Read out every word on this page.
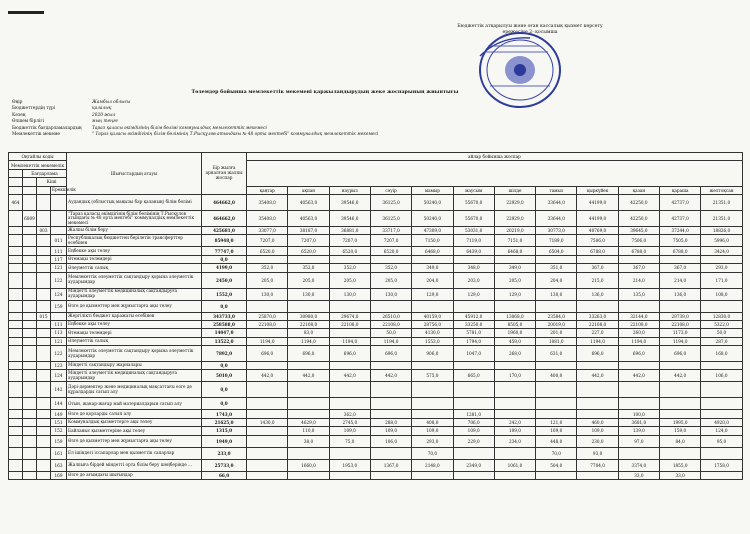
Бюджеттік атқарылуы және оған кассалық қызмет көрсету
ережесіне 2- қосымша
Төлемдер бойынша мемлекеттік мекемені қаржыландырудың жеке жоспарының жиынтығы
Өңір	Жамбыл облысы
Бюджеттердің түрі	қалалық
Кезең	2020 жыл
Өлшем бірлігі	мың теңге
Бюджеттік бағдарламалардың	Тараз қаласы әкімдігінің білім бөлімі коммуналдық мемлекеттік мекемесі
Мемлекеттік мекеме	" Тараз қаласы әкімдігінің білім бөлімінің Т.Рысқұлов атындағы № 48 орта мектебі" коммуналдық мемлекеттік мекемесі
Оңтайлы коды				Шығыстардың атауы	Бір жылға арналған жалпы жоспар	айлар бойынша жоспар											
Мемлекеттік мекемелік																	
	Бағдарлама																
		Кіші															
			Ерекшелік			қаңтар	ақпан	наурыз	сәуір	мамыр	маусым	шілде	тамыз	қыркүйек	қазан	қараша	желтоқсан
464				Аудандық (облыстық маңызы бар қаланың) білім бөлімі	464662,0	35408,0	40563,0	39546,0	36125,0	50240,0	55670,0	22929,0	33644,0	44199,0	42250,0	42737,0	21351,0
	6809			"Тараз қаласы әкімдігінің білім бөлімінің Т.Рысқұлов атындағы № 48 орта мектебі" коммуналдық мемлекеттік мекемесі	464662,0	35408,0	40563,0	39546,0	36125,0	50240,0	55670,0	22929,0	33644,0	44199,0	42250,0	42737,0	21351,0
		003		Жалпы білім беру	425681,0	33077,0	38187,0	36881,0	33717,0	47309,0	53031,0	20219,0	30773,0	40769,0	39645,0	37244,0	18826,0
			011	Республикалық бюджеттен берілетін трансферттер есебінен	85948,0	7207,0	7207,0	7207,0	7207,0	7150,0	7119,0	7151,0	7189,0	7506,0	7506,0	7505,0	5996,0
			111	Еңбекке ақы төлеу	77747,0	6520,0	6520,0	6520,0	6520,0	6468,0	6439,0	6468,0	6504,0	6788,0	6788,0	6788,0	3424,0
			117	Өтемақы төлемдері	0,0												
			121	Әлеуметтік салық	4199,0	352,0	352,0	352,0	352,0	349,0	348,0	349,0	351,0	367,0	367,0	367,0	293,0
			122	Мемлекеттік әлеуметтік сақтандыру қорына әлеуметтік аударымдар	2450,0	205,0	205,0	205,0	205,0	204,0	203,0	205,0	204,0	215,0	214,0	214,0	171,0
			124	Міндетті әлеуметтік медициналық сақтандыруға аударымдар	1552,0	130,0	130,0	130,0	130,0	129,0	129,0	129,0	130,0	136,0	135,0	136,0	108,0
			159	Өзге де қызметтер мен жұмыстарға ақы төлеу	0,0												
		015		Жергілікті бюджет қаражаты есебінен	343733,0	25870,0	30980,0	29674,0	26510,0	40159,0	45912,0	13068,0	23584,0	33263,0	32144,0	29739,0	12830,0
			111	Еңбекке ақы төлеу	258588,0	22108,0	22108,0	22108,0	22108,0	28756,0	33250,0	8505,0	20019,0	22108,0	22108,0	22108,0	5322,0
			113	Өтемақы төлемдері	14047,0		83,0		50,0	4130,0	5781,0	1960,0	201,0	227,0	260,0	1173,0	50,0
			121	Әлеуметтік салық	13522,0	1194,0	1194,0	1194,0	1194,0	1553,0	1794,0	459,0	1081,0	1194,0	1194,0	1194,0	287,0
			122	Мемлекеттік әлеуметтік сақтандыру қорына әлеуметтік аударымдар	7892,0	696,0	696,0	696,0	696,0	906,0	1047,0	268,0	631,0	696,0	696,0	696,0	168,0
			123	Міндетті сақтандыру жарналары	0,0												
			124	Міндетті әлеуметтік медициналық сақтандыруға аударымдар	5010,0	442,0	442,0	442,0	442,0	575,0	665,0	170,0	400,0	442,0	442,0	442,0	106,0
			142	Дәрі-дәрмектер және медициналық мақсаттағы өзге де құралдарды сатып алу	0,0												
			144	Отын, жанар-жағар май материалдарын сатып алу	0,0												
			149	Өзге де қорларды сатып алу	1743,0			362,0			1281,0				100,0		
			151	Коммуналдық қызметтерге ақы төлеу	21625,0	1430,0	4629,0	2745,0	288,0	408,0	706,0	242,0	121,0	460,0	3681,0	1995,0	4920,0
			152	Байланыс қызметтеріне ақы төлеу	1315,0		110,0	109,0	109,0	109,0	109,0	109,0	109,0	109,0	139,0	159,0	124,0
			159	Өзге де қызметтер мен жұмыстарға ақы төлеу	1949,0		38,0	75,0	106,0	293,0	229,0	234,0	448,0	230,0	97,0	84,0	95,0
			161	Ел ішіндегі іссапарлар мен қызметтік сапарлар	233,0					70,0			70,0	93,0			
			163	Жалпыға бірдей міндетті орта білім беру шеңберінде ...	25733,0		1660,0	1953,0	1367,0	2148,0	2349,0	1061,0	504,0	7704,0	3374,0	1855,0	1758,0
			169	Өзге де ағымдағы шығындар	66,0										33,0	33,0	
